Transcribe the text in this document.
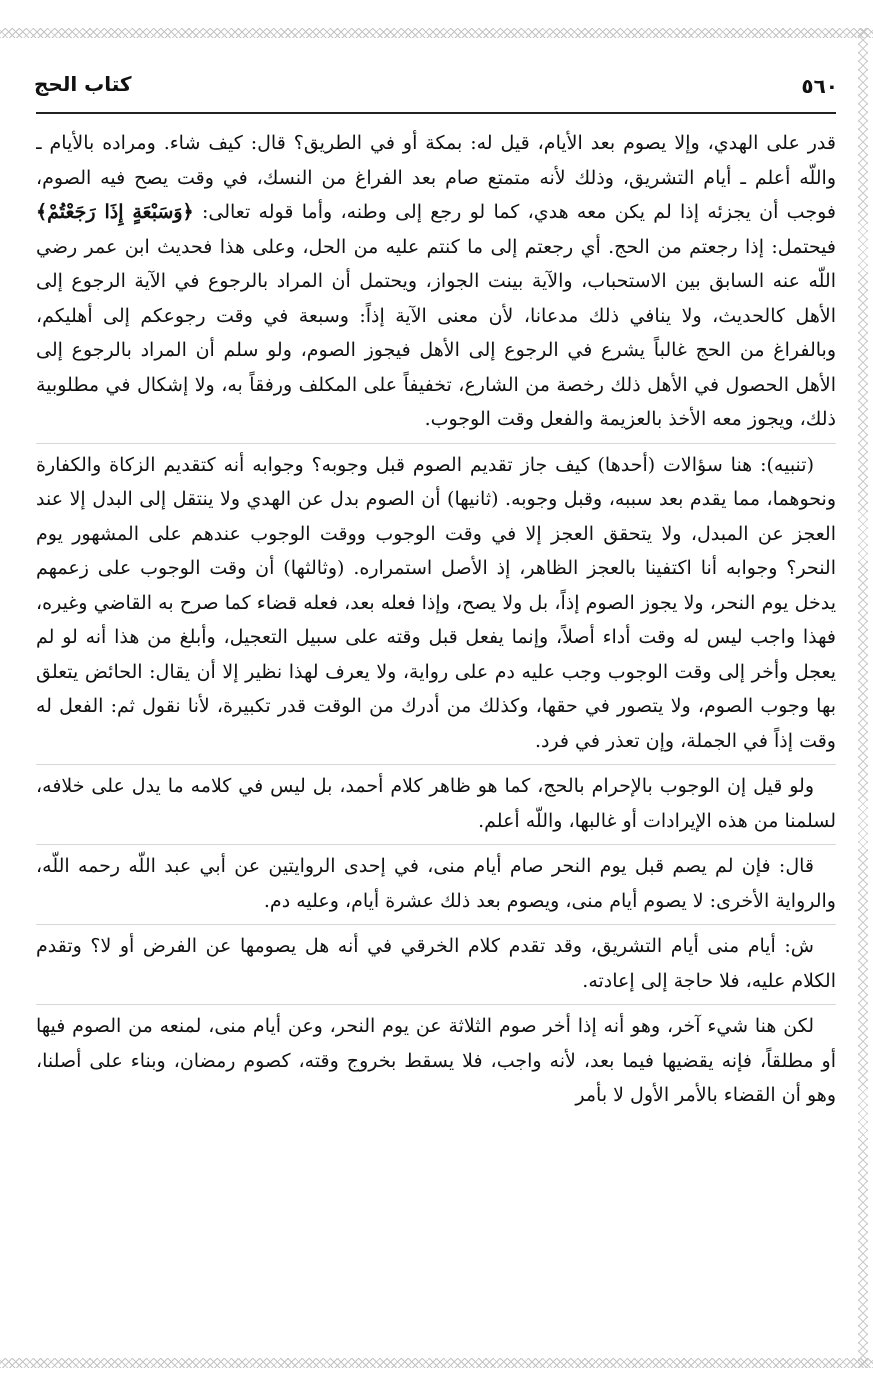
٥٦٠
كتاب الحج

قدر على الهدي، وإلا يصوم بعد الأيام، قيل له: بمكة أو في الطريق؟ قال: كيف شاء. ومراده بالأيام ـ واللّه أعلم ـ أيام التشريق، وذلك لأنه متمتع صام بعد الفراغ من النسك، في وقت يصح فيه الصوم، فوجب أن يجزئه إذا لم يكن معه هدي، كما لو رجع إلى وطنه، وأما قوله تعالى: ﴿وَسَبْعَةٍ إِذَا رَجَعْتُمْ﴾ فيحتمل: إذا رجعتم من الحج. أي رجعتم إلى ما كنتم عليه من الحل، وعلى هذا فحديث ابن عمر رضي اللّه عنه السابق بين الاستحباب، والآية بينت الجواز، ويحتمل أن المراد بالرجوع في الآية الرجوع إلى الأهل كالحديث، ولا ينافي ذلك مدعانا، لأن معنى الآية إذاً: وسبعة في وقت رجوعكم إلى أهليكم، وبالفراغ من الحج غالباً يشرع في الرجوع إلى الأهل فيجوز الصوم، ولو سلم أن المراد بالرجوع إلى الأهل الحصول في الأهل ذلك رخصة من الشارع، تخفيفاً على المكلف ورفقاً به، ولا إشكال في مطلوبية ذلك، ويجوز معه الأخذ بالعزيمة والفعل وقت الوجوب.

(تنبيه): هنا سؤالات (أحدها) كيف جاز تقديم الصوم قبل وجوبه؟ وجوابه أنه كتقديم الزكاة والكفارة ونحوهما، مما يقدم بعد سببه، وقبل وجوبه. (ثانيها) أن الصوم بدل عن الهدي ولا ينتقل إلى البدل إلا عند العجز عن المبدل، ولا يتحقق العجز إلا في وقت الوجوب ووقت الوجوب عندهم على المشهور يوم النحر؟ وجوابه أنا اكتفينا بالعجز الظاهر، إذ الأصل استمراره. (وثالثها) أن وقت الوجوب على زعمهم يدخل يوم النحر، ولا يجوز الصوم إذاً، بل ولا يصح، وإذا فعله بعد، فعله قضاء كما صرح به القاضي وغيره، فهذا واجب ليس له وقت أداء أصلاً، وإنما يفعل قبل وقته على سبيل التعجيل، وأبلغ من هذا أنه لو لم يعجل وأخر إلى وقت الوجوب وجب عليه دم على رواية، ولا يعرف لهذا نظير إلا أن يقال: الحائض يتعلق بها وجوب الصوم، ولا يتصور في حقها، وكذلك من أدرك من الوقت قدر تكبيرة، لأنا نقول ثم: الفعل له وقت إذاً في الجملة، وإن تعذر في فرد.

ولو قيل إن الوجوب بالإحرام بالحج، كما هو ظاهر كلام أحمد، بل ليس في كلامه ما يدل على خلافه، لسلمنا من هذه الإيرادات أو غالبها، واللّه أعلم.

قال: فإن لم يصم قبل يوم النحر صام أيام منى، في إحدى الروايتين عن أبي عبد اللّه رحمه اللّه، والرواية الأخرى: لا يصوم أيام منى، ويصوم بعد ذلك عشرة أيام، وعليه دم.

ش: أيام منى أيام التشريق، وقد تقدم كلام الخرقي في أنه هل يصومها عن الفرض أو لا؟ وتقدم الكلام عليه، فلا حاجة إلى إعادته.

لكن هنا شيء آخر، وهو أنه إذا أخر صوم الثلاثة عن يوم النحر، وعن أيام منى، لمنعه من الصوم فيها أو مطلقاً، فإنه يقضيها فيما بعد، لأنه واجب، فلا يسقط بخروج وقته، كصوم رمضان، وبناء على أصلنا، وهو أن القضاء بالأمر الأول لا بأمر
